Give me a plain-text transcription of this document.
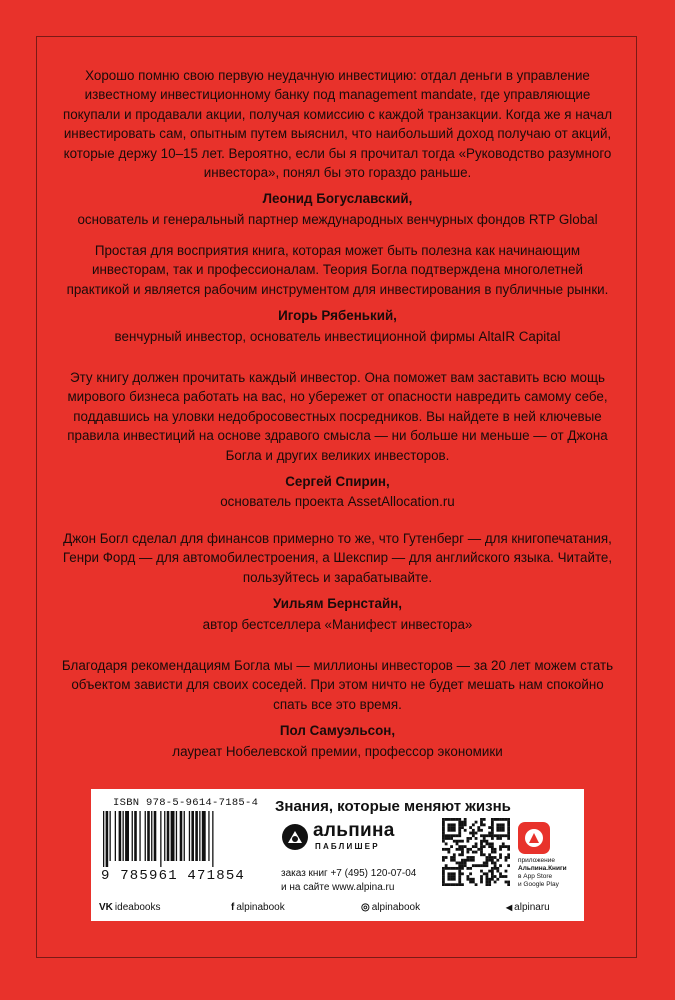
Хорошо помню свою первую неудачную инвестицию: отдал деньги в управление известному инвестиционному банку под management mandate, где управляющие покупали и продавали акции, получая комиссию с каждой транзакции. Когда же я начал инвестировать сам, опытным путем выяснил, что наибольший доход получаю от акций, которые держу 10–15 лет. Вероятно, если бы я прочитал тогда «Руководство разумного инвестора», понял бы это гораздо раньше.

Леонид Богуславский,

основатель и генеральный партнер международных венчурных фондов RTP Global

Простая для восприятия книга, которая может быть полезна как начинающим инвесторам, так и профессионалам. Теория Богла подтверждена многолетней практикой и является рабочим инструментом для инвестирования в публичные рынки.

Игорь Рябенький,

венчурный инвестор, основатель инвестиционной фирмы AltaIR Capital

Эту книгу должен прочитать каждый инвестор. Она поможет вам заставить всю мощь мирового бизнеса работать на вас, но убережет от опасности навредить самому себе, поддавшись на уловки недобросовестных посредников. Вы найдете в ней ключевые правила инвестиций на основе здравого смысла — ни больше ни меньше — от Джона Богла и других великих инвесторов.

Сергей Спирин,

основатель проекта AssetAllocation.ru

Джон Богл сделал для финансов примерно то же, что Гутенберг — для книгопечатания, Генри Форд — для автомобилестроения, а Шекспир — для английского языка. Читайте, пользуйтесь и зарабатывайте.

Уильям Бернстайн,

автор бестселлера «Манифест инвестора»

Благодаря рекомендациям Богла мы — миллионы инвесторов — за 20 лет можем стать объектом зависти для своих соседей. При этом ничто не будет мешать нам спокойно спать все это время.

Пол Самуэльсон,

лауреат Нобелевской премии, профессор экономики

ISBN 978-5-9614-7185-4
9 785961 471854
Знания, которые меняют жизнь
альпина
ПАБЛИШЕР
заказ книг +7 (495) 120-07-04
и на сайте www.alpina.ru
приложение
Альпина.Книги
в App Store
и Google Play
VK ideabooks	f alpinabook	◎ alpinabook	◀ alpinaru
